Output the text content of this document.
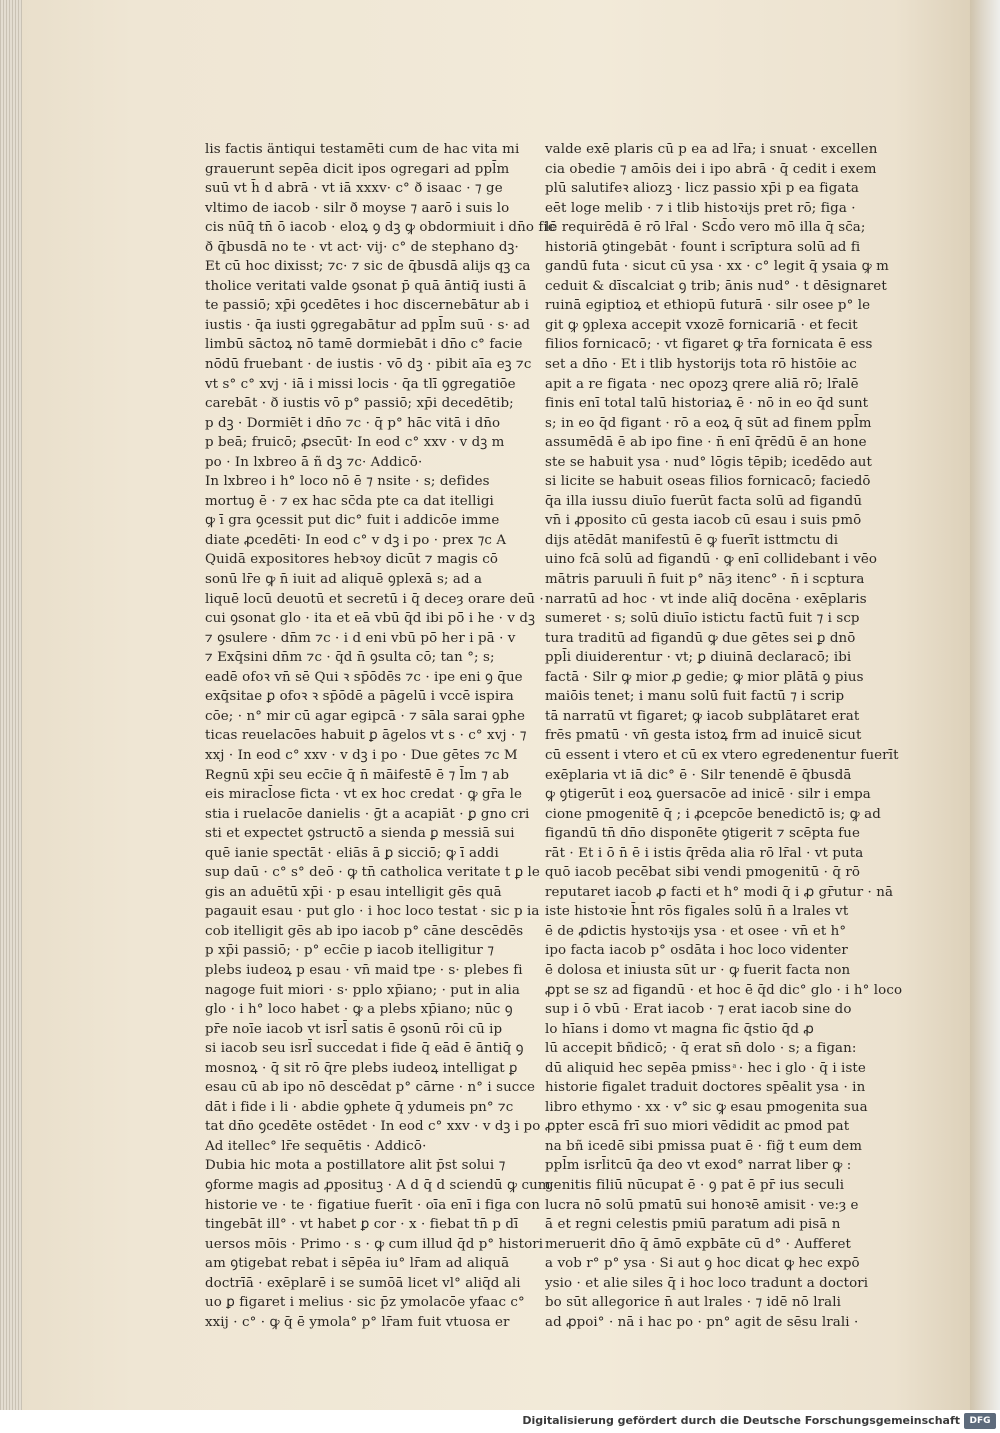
lis factis äntiqui testamēti cum de hac vita mi
grauerunt sepēa dicit ipos ogregari ad ppl̄m
suū vt h̄ d abrā · vt iā xxxv· c° ð isaac · ⁊ ge
vltimo de iacob · silr ð moyse ⁊ aarō i suis lo
cis nūq̄ tn̄ ō iacob · eloꝝ ꝯ dꝫ ꝙ obdormiuit i dn̄o fic
ð q̄busdā no te · vt act· vij· c° de stephano dꝫ·
Et cū hoc dixisst; ⁊c· ⁊ sic de q̄busdā alijs qꝫ ca
tholice veritati valde ꝯsonat p̄ quā āntiq̄ iusti ā
te passiō; xp̄i ꝯcedētes i hoc discernebātur ab i
iustis · q̄a iusti ꝯgregabātur ad ppl̄m suū · s· ad
limbū sāctoꝝ nō tamē dormiebāt i dn̄o c° facie
nōdū fruebant · de iustis · vō dꝫ · pibit aīa eꝫ ⁊c
vt s° c° xvj · iā i missi locis · q̄a tlī ꝯgregatiōe
carebāt · ð iustis vō p° passiō; xp̄i decedētib;
p dꝫ · Dormiēt i dn̄o ⁊c · q̄ p° hāc vitā i dn̄o
p beā; fruicō; ꝓsecūt· In eod c° xxv · v dꝫ m
po · In lxbreo ā ñ dꝫ ⁊c· Addicō·
In lxbreo i h° loco nō ē ⁊ nsite · s; defides
mortuꝯ ē · ⁊ ex hac sc̄da pte ca dat itelligi
ꝙ ī gra ꝯcessit put dic° fuit i addicōe imme
diate ꝓcedēti· In eod c° v dꝫ i po · prex ⁊c A
Quidā expositores hebꝛoy dicūt ⁊ magis cō
sonū lr̄e ꝙ n̄ iuit ad aliquē ꝯplexā s; ad a
liquē locū deuotū et secretū i q̄ deceȝ orare deū ·
cui ꝯsonat glo · ita et eā vbū q̄d ibi pō̄ i he · v dꝫ
⁊ ꝯsulere · dn̄m ⁊c · i d eni vbū pō̄ her i pā · v
⁊ Exq̄sini dn̄m ⁊c · q̄d n̄ ꝯsulta cō; tan °; s;
eadē ofoꝛ vn̄ sē Qui ꝛ sp̄ōdēs ⁊c · ipe eni ꝯ q̄ue
exq̄sitae ꝑ ofoꝛ ꝛ sp̄ōdē a pāgelū i vccē ispira
cōe; · n° mir cū agar egipcā · ⁊ sāla sarai ꝯphe
ticas reuelacōes habuit ꝑ āgelos vt s · c° xvj · ⁊
xxj · In eod c° xxv · v dꝫ i po · Due gētes ⁊c M
Regnū xp̄i seu ecc̄ie q̄ n̄ māifestē ē ⁊ l̄m ⁊ ab
eis miracl̄ose ficta · vt ex hoc credat · ꝙ gr̄a le
stia i ruelacōe danielis · ḡt a acapiāt · ꝑ gno cri
sti et expectet ꝯstructō a sienda ꝑ messiā sui
quē ianie spectāt · eliās ā ꝑ sicciō; ꝙ ī addi
sup daū · c° s° deō · ꝙ tn̄ catholica veritate t ꝑ le
gis an aduētū xp̄i · p esau intelligit gēs quā
pagauit esau · put glo · i hoc loco testat · sic p ia
cob itelligit gēs ab ipo iacob p° cāne descēdēs
p xp̄i passiō; · p° ecc̄ie p iacob itelligitur ⁊
plebs iudeoꝝ p esau · vn̄ maid tpe · s· plebes fi
nagoge fuit miori · s· pplo xp̄iano; · put in alia
glo · i h° loco habet · ꝙ a plebs xp̄iano; nūc ꝯ
pr̄e noīe iacob vt isrl̄ satis ē ꝯsonū rōi cū ip
si iacob seu isrl̄ succedat i fide q̄ eād ē āntiq̄ ꝯ
mosnoꝝ · q̄ sit rō q̄re plebs iudeoꝝ intelligat ꝑ
esau cū ab ipo nō descēdat p° cārne · n° i succe
dāt i fide i li · abdie ꝯphete q̄ ydumeis pn° ⁊c
tat dn̄o ꝯcedēte ostēdet · In eod c° xxv · v dꝫ i po
Ad itellec° lr̄e sequētis · Addicō·
Dubia hic mota a postillatore alit p̄st solui ⁊
ꝯforme magis ad ꝓposituꝫ · A d q̄ d sciendū ꝙ cum
historie ve · te · figatiue fuerīt · oīa enī i figa con
tingebāt ill° · vt habet ꝑ cor · x · fiebat tn̄ p dī
uersos mōis · Primo · s · ꝙ cum illud q̄d p° histori
am ꝯtigebat rebat i sēpēa iu° lr̄am ad aliquā
doctrīā · exēplarē i se sumōā licet vl° aliq̄d ali
uo ꝑ figaret i melius · sic p̄z ymolacōe yfaac c°
xxij · c° · ꝙ q̄ ē ymola° p° lr̄am fuit vtuosa er
valde exē plaris cū p ea ad lr̄a; i snuat · excellen
cia obedie ⁊ amōis dei i ipo abrā · q̄ cedit i exem
plū salutifeꝛ aliozꝫ · licz passio xp̄i p ea figata
eēt loge melib · ⁊ i tlib histoꝛijs pret rō; figa ·
lē requirēdā ē rō lr̄al · Scd̄o vero mō illa q̄ sc̄a;
historiā ꝯtingebāt · fount i scrīptura solū ad fi
gandū futa · sicut cū ysa · xx · c° legit q̄ ysaia ꝙ m
ceduit & dīscalciat ꝯ trib; ānis nud° · t dēsignaret
ruinā egiptioꝝ et ethiopū futurā · silr osee p° le
git ꝙ ꝯplexa accepit vxozē fornicariā · et fecit
filios fornicacō; · vt figaret ꝙ tr̄a fornicata ē ess
set a dn̄o · Et i tlib hystorijs tota rō histōie ac
apit a re figata · nec opozꝫ qrere aliā rō; lr̄alē
finis enī total talū historiaꝝ ē · nō in eo q̄d sunt
s; in eo q̄d figant · rō a eoꝝ q̄ sūt ad finem ppl̄m
assumēdā ē ab ipo fine · n̄ enī q̄rēdū ē an hone
ste se habuit ysa · nud° lōgis tēpib; icedēdo aut
si licite se habuit oseas filios fornicacō; faciedō
q̄a illa iussu diuīo fuerūt facta solū ad figandū
vn̄ i ꝓposito cū gesta iacob cū esau i suis pmō
dijs atēdāt manifestū ē ꝙ fuerīt isttmctu di
uino fcā solū ad figandū · ꝙ enī collidebant i vēo
mātris paruuli n̄ fuit p° nāȝ itenc° · n̄ i scptura
narratū ad hoc · vt inde aliq̄ docēna · exēplaris
sumeret · s; solū diuīo istictu factū fuit ⁊ i scp
tura traditū ad figandū ꝙ due gētes sei ꝑ dnō
ppl̄i diuiderentur · vt; ꝑ diuinā declaracō; ibi
factā · Silr ꝙ mior ꝓ gedie; ꝙ mior plātā ꝯ pius
maiōis tenet; i manu solū fuit factū ⁊ i scrip
tā narratū vt figaret; ꝙ iacob subplātaret erat
frēs pmatū · vn̄ gesta istoꝝ frm ad inuicē sicut
cū essent i vtero et cū ex vtero egredenentur fuerīt
exēplaria vt iā dic° ē · Silr tenendē ē q̄busdā
ꝙ ꝯtigerūt i eoꝝ ꝯuersacōe ad inicē · silr i empa
cione pmogenitē q̄ ; i ꝓcepcōe benedictō is; ꝙ ad
figandū tn̄ dn̄o disponēte ꝯtigerit ⁊ scēpta fue
rāt · Et i ō n̄ ē i istis q̄rēda alia rō lr̄al · vt puta
quō iacob pecēbat sibi vendi pmogenitū · q̄ rō
reputaret iacob ꝓ facti et h° modi q̄ i ꝓ gr̄utur · nā
iste histoꝛie h̄nt rōs figales solū n̄ a lrales vt
ē de ꝓdictis hystoꝛijs ysa · et osee · vn̄ et h°
ipo facta iacob p° osdāta i hoc loco videnter
ē dolosa et iniusta sūt ur · ꝙ fuerit facta non
ꝓpt se sz ad figandū · et hoc ē q̄d dic° glo · i h° loco
sup i ō vbū · Erat iacob · ⁊ erat iacob sine do
lo hīans i domo vt magna fic q̄stio q̄d ꝓ
lū accepit bñdicō; · q̄ erat sn̄ dolo · s; a figan:
dū aliquid hec sepēa pmiss ͣ · hec i glo · q̄ i iste
historie figalet traduit doctores spēalit ysa · in
libro ethymo · xx · v° sic ꝙ esau pmogenita sua
ꝓpter escā frī suo miori vēdidit ac pmod pat
na bñ icedē sibi pmissa puat ē · fig̃ t eum dem
ppl̄m isrl̄itcū q̄a deo vt exod° narrat liber ꝙ :
genitis filiū nūcupat ē · ꝯ pat ē pr̄ ius seculi
lucra nō solū pmatū sui honoꝛē amisit · ve:ȝ e
ā et regni celestis pmiū paratum adi pisā n
meruerit dn̄o q̄ āmō expbāte cū d° · Aufferet
a vob r° p° ysa · Si aut ꝯ hoc dicat ꝙ hec expō
ysio · et alie siles q̄ i hoc loco tradunt a doctori
bo sūt allegorice n̄ aut lrales · ⁊ idē nō lrali
ad ꝓpoi° · nā i hac po · pn° agit de sēsu lrali ·
Digitalisierung gefördert durch die Deutsche Forschungsgemeinschaft	DFG
